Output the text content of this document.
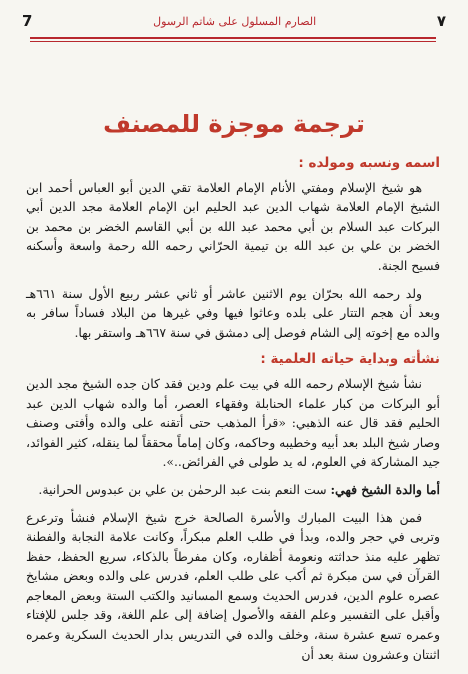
7	الصارم المسلول على شاتم الرسول	٧
ترجمة موجزة للمصنف
اسمه ونسبه ومولده :

هو شيخ الإسلام ومفتي الأنام الإمام العلامة تقي الدين أبو العباس أحمد ابن الشيخ الإمام العلامة شهاب الدين عبد الحليم ابن الإمام العلامة مجد الدين أبي البركات عبد السلام بن أبي محمد عبد الله بن أبي القاسم الخضر بن محمد بن الخضر بن علي بن عبد الله بن تيمية الحرّاني رحمه الله رحمة واسعة وأسكنه فسيح الجنة.

ولد رحمه الله بحرّان يوم الاثنين عاشر أو ثاني عشر ربيع الأول سنة ٦٦١هـ وبعد أن هجم التتار على بلده وعاثوا فيها وفي غيرها من البلاد فساداً سافر به والده مع إخوته إلى الشام فوصل إلى دمشق في سنة ٦٦٧هـ واستقر بها.

نشأته وبداية حياته العلمية :

نشأ شيخ الإسلام رحمه الله في بيت علم ودين فقد كان جده الشيخ مجد الدين أبو البركات من كبار علماء الحنابلة وفقهاء العصر، أما والده شهاب الدين عبد الحليم فقد قال عنه الذهبي: «قرأ المذهب حتى أتقنه على والده وأفتى وصنف وصار شيخ البلد بعد أبيه وخطيبه وحاكمه، وكان إماماً محققاً لما ينقله، كثير الفوائد، جيد المشاركة في العلوم، له يد طولى في الفرائض..».

أما والدة الشيخ فهي: ست النعم بنت عبد الرحمٰن بن علي بن عبدوس الحرانية.

فمن هذا البيت المبارك والأسرة الصالحة خرج شيخ الإسلام فنشأ وترعرع وتربى في حجر والده، وبدأ في طلب العلم مبكراً، وكانت علامة النجابة والفطنة تظهر عليه منذ حداثته ونعومة أظفاره، وكان مفرطاً بالذكاء، سريع الحفظ، حفظ القرآن في سن مبكرة ثم أكب على طلب العلم، فدرس على والده وبعض مشايخ عصره علوم الدين، فدرس الحديث وسمع المسانيد والكتب الستة وبعض المعاجم وأقبل على التفسير وعلم الفقه والأصول إضافة إلى علم اللغة، وقد جلس للإفتاء وعمره تسع عشرة سنة، وخلف والده في التدريس بدار الحديث السكرية وعمره اثنتان وعشرون سنة بعد أن
